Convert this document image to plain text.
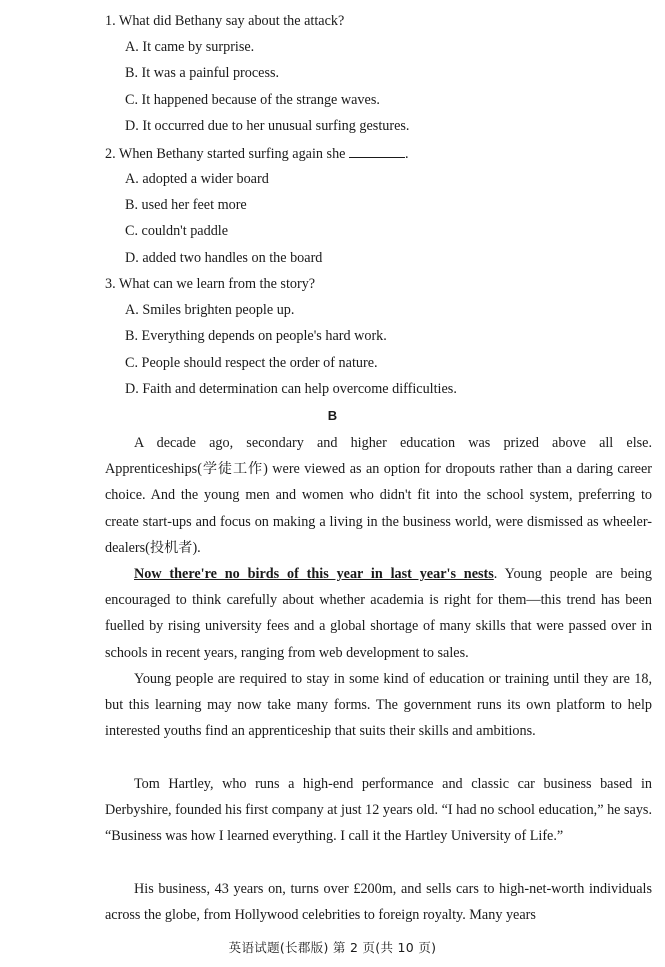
1. What did Bethany say about the attack?
A. It came by surprise.
B. It was a painful process.
C. It happened because of the strange waves.
D. It occurred due to her unusual surfing gestures.
2. When Bethany started surfing again she	.
A. adopted a wider board
B. used her feet more
C. couldn't paddle
D. added two handles on the board
3. What can we learn from the story?
A. Smiles brighten people up.
B. Everything depends on people's hard work.
C. People should respect the order of nature.
D. Faith and determination can help overcome difficulties.
B
A decade ago, secondary and higher education was prized above all else. Apprenticeships(学徒工作) were viewed as an option for dropouts rather than a daring career choice. And the young men and women who didn't fit into the school system, preferring to create start-ups and focus on making a living in the business world, were dismissed as wheeler-dealers(投机者).
Now there're no birds of this year in last year's nests. Young people are being encouraged to think carefully about whether academia is right for them—this trend has been fuelled by rising university fees and a global shortage of many skills that were passed over in schools in recent years, ranging from web development to sales.
Young people are required to stay in some kind of education or training until they are 18, but this learning may now take many forms. The government runs its own platform to help interested youths find an apprenticeship that suits their skills and ambitions.
Tom Hartley, who runs a high-end performance and classic car business based in Derbyshire, founded his first company at just 12 years old. “I had no school education,” he says. “Business was how I learned everything. I call it the Hartley University of Life.”
His business, 43 years on, turns over £200m, and sells cars to high-net-worth individuals across the globe, from Hollywood celebrities to foreign royalty. Many years
英语试题(长郡版) 第 2 页(共 10 页)
